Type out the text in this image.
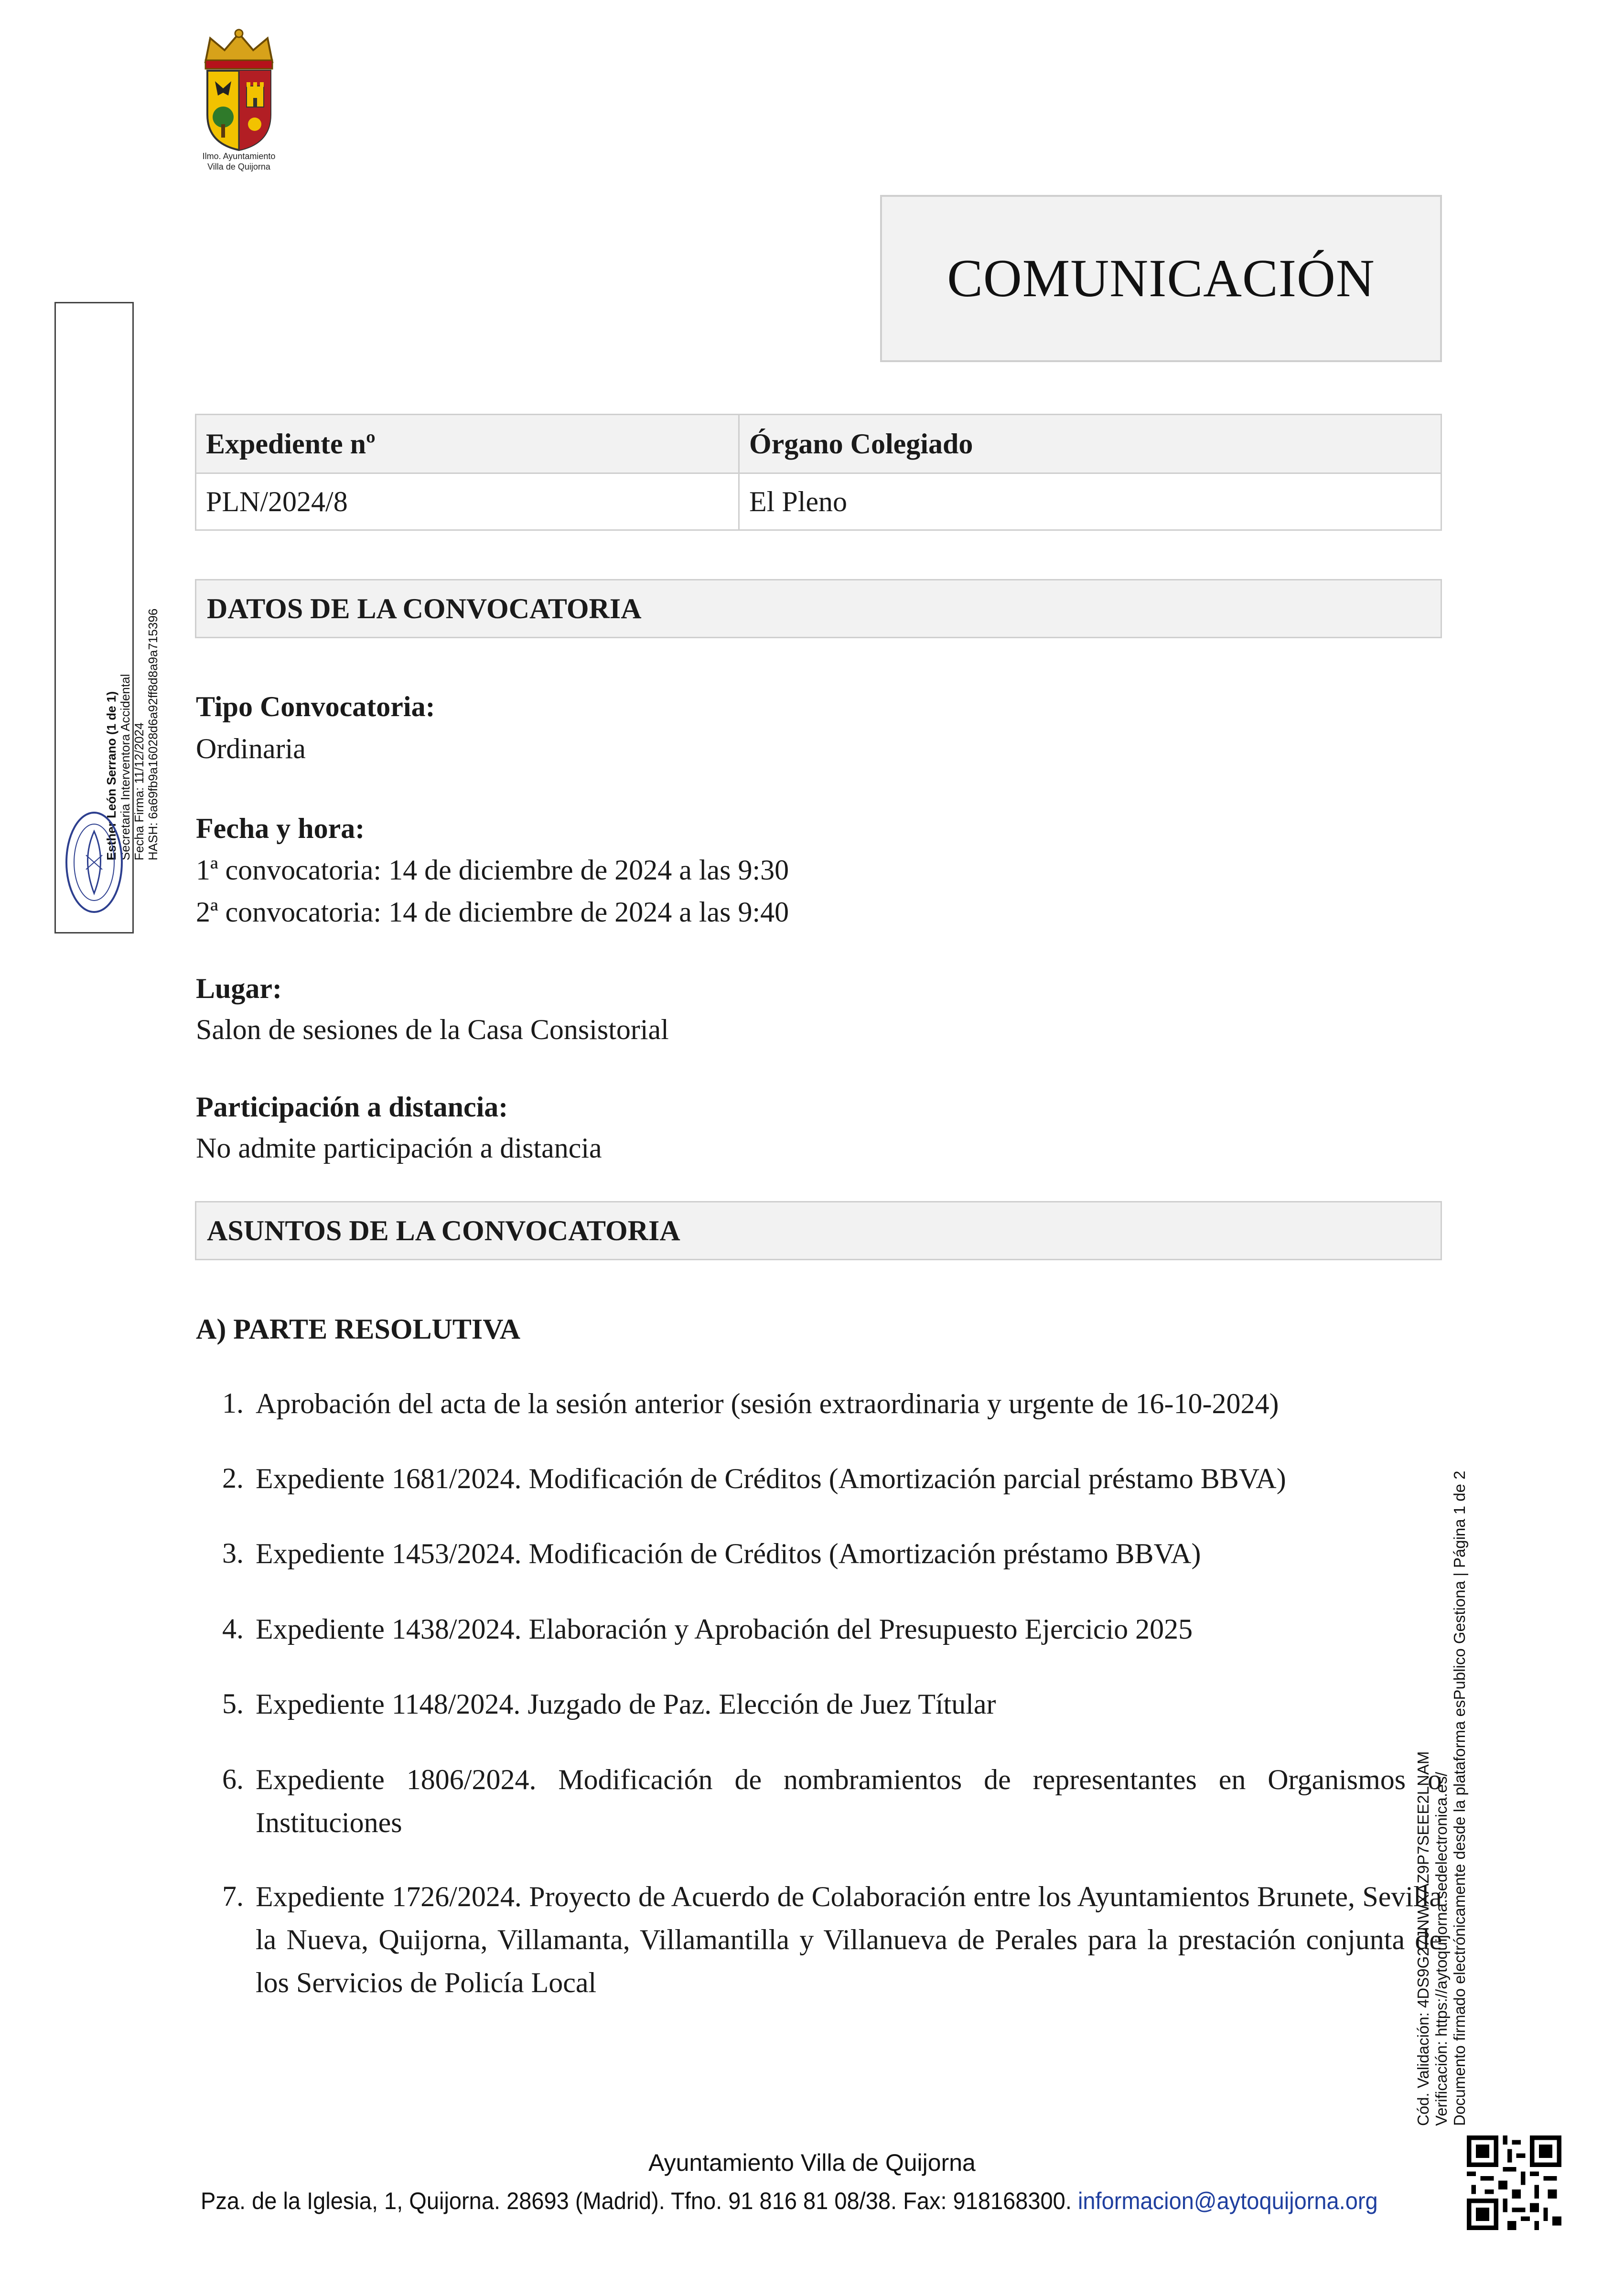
Ilmo. Ayuntamiento
Villa de Quijorna
COMUNICACIÓN
Expediente nº	Órgano Colegiado
PLN/2024/8	El Pleno
DATOS DE LA CONVOCATORIA
Tipo Convocatoria:
Ordinaria
Fecha y hora:
1ª convocatoria: 14 de diciembre de 2024 a las 9:30
2ª convocatoria: 14 de diciembre de 2024 a las 9:40
Lugar:
Salon de sesiones de la Casa Consistorial
Participación a distancia:
No admite participación a distancia
ASUNTOS DE LA CONVOCATORIA
A) PARTE RESOLUTIVA
1. Aprobación del acta de la sesión anterior (sesión extraordinaria y urgente de 16-10-2024)
2. Expediente 1681/2024. Modificación de Créditos (Amortización parcial préstamo BBVA)
3. Expediente 1453/2024. Modificación de Créditos (Amortización préstamo BBVA)
4. Expediente 1438/2024. Elaboración y Aprobación del Presupuesto Ejercicio 2025
5. Expediente 1148/2024. Juzgado de Paz. Elección de Juez Títular
6. Expediente 1806/2024. Modificación de nombramientos de representantes en Organismos o Instituciones
7. Expediente 1726/2024. Proyecto de Acuerdo de Colaboración entre los Ayuntamientos Brunete, Sevilla la Nueva, Quijorna, Villamanta, Villamantilla y Villanueva de Perales para la prestación conjunta de los Servicios de Policía Local
Esther León Serrano (1 de 1) Secretaria Interventora Accidental Fecha Firma: 11/12/2024 HASH: 6a69fb9a16028d6a92ff8d8a9a715396
Cód. Validación: 4DS9G27JNWXAZ9P7SEEE2LNAM Verificación: https://aytoquijorna.sedelectronica.es/ Documento firmado electrónicamente desde la plataforma esPublico Gestiona | Página 1 de 2
Ayuntamiento Villa de Quijorna
Pza. de la Iglesia, 1, Quijorna. 28693 (Madrid). Tfno. 91 816 81 08/38. Fax: 918168300. informacion@aytoquijorna.org
